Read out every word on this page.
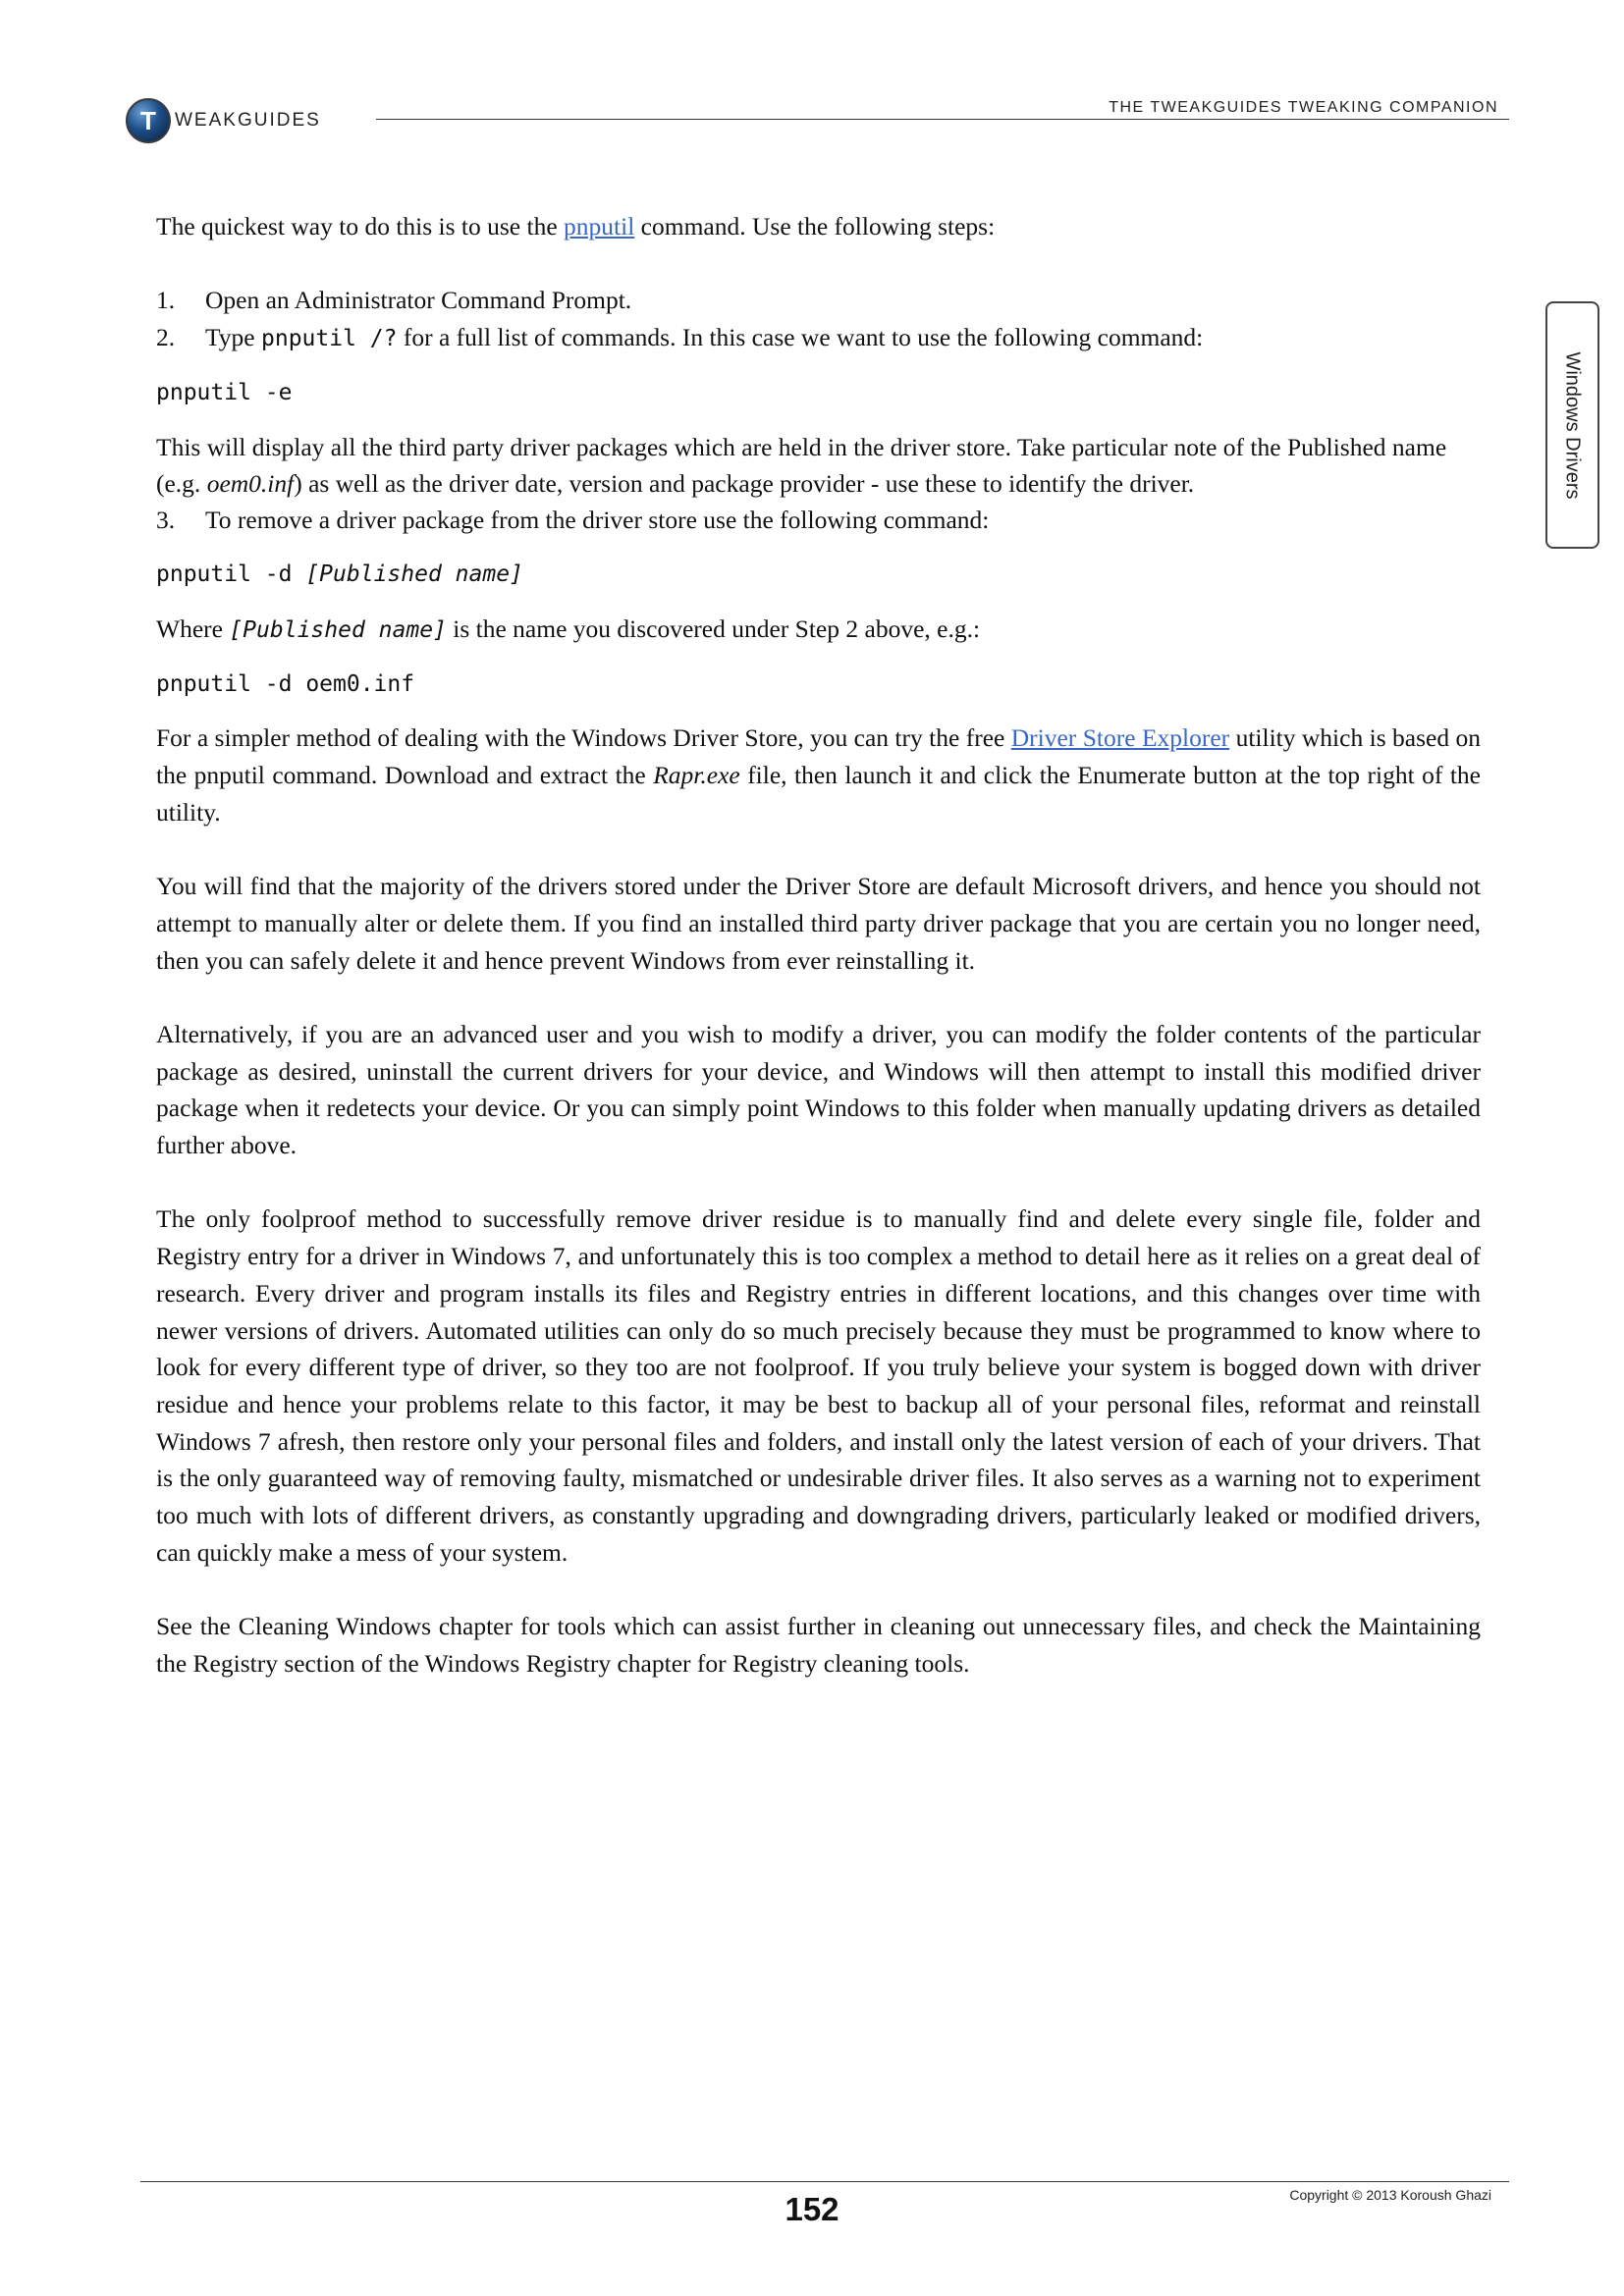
T	WEAKGUIDES
THE TWEAKGUIDES TWEAKING COMPANION
Windows Drivers

The quickest way to do this is to use the pnputil command. Use the following steps:

1.	Open an Administrator Command Prompt.
2.	Type pnputil /? for a full list of commands. In this case we want to use the following command:

pnputil -e

This will display all the third party driver packages which are held in the driver store. Take particular note of the Published name (e.g. oem0.inf) as well as the driver date, version and package provider - use these to identify the driver.

3.	To remove a driver package from the driver store use the following command:

pnputil -d [Published name]

Where [Published name] is the name you discovered under Step 2 above, e.g.:

pnputil -d oem0.inf

For a simpler method of dealing with the Windows Driver Store, you can try the free Driver Store Explorer utility which is based on the pnputil command. Download and extract the Rapr.exe file, then launch it and click the Enumerate button at the top right of the utility.

You will find that the majority of the drivers stored under the Driver Store are default Microsoft drivers, and hence you should not attempt to manually alter or delete them. If you find an installed third party driver package that you are certain you no longer need, then you can safely delete it and hence prevent Windows from ever reinstalling it.

Alternatively, if you are an advanced user and you wish to modify a driver, you can modify the folder contents of the particular package as desired, uninstall the current drivers for your device, and Windows will then attempt to install this modified driver package when it redetects your device. Or you can simply point Windows to this folder when manually updating drivers as detailed further above.

The only foolproof method to successfully remove driver residue is to manually find and delete every single file, folder and Registry entry for a driver in Windows 7, and unfortunately this is too complex a method to detail here as it relies on a great deal of research. Every driver and program installs its files and Registry entries in different locations, and this changes over time with newer versions of drivers. Automated utilities can only do so much precisely because they must be programmed to know where to look for every different type of driver, so they too are not foolproof. If you truly believe your system is bogged down with driver residue and hence your problems relate to this factor, it may be best to backup all of your personal files, reformat and reinstall Windows 7 afresh, then restore only your personal files and folders, and install only the latest version of each of your drivers. That is the only guaranteed way of removing faulty, mismatched or undesirable driver files. It also serves as a warning not to experiment too much with lots of different drivers, as constantly upgrading and downgrading drivers, particularly leaked or modified drivers, can quickly make a mess of your system.

See the Cleaning Windows chapter for tools which can assist further in cleaning out unnecessary files, and check the Maintaining the Registry section of the Windows Registry chapter for Registry cleaning tools.

152	Copyright © 2013 Koroush Ghazi
